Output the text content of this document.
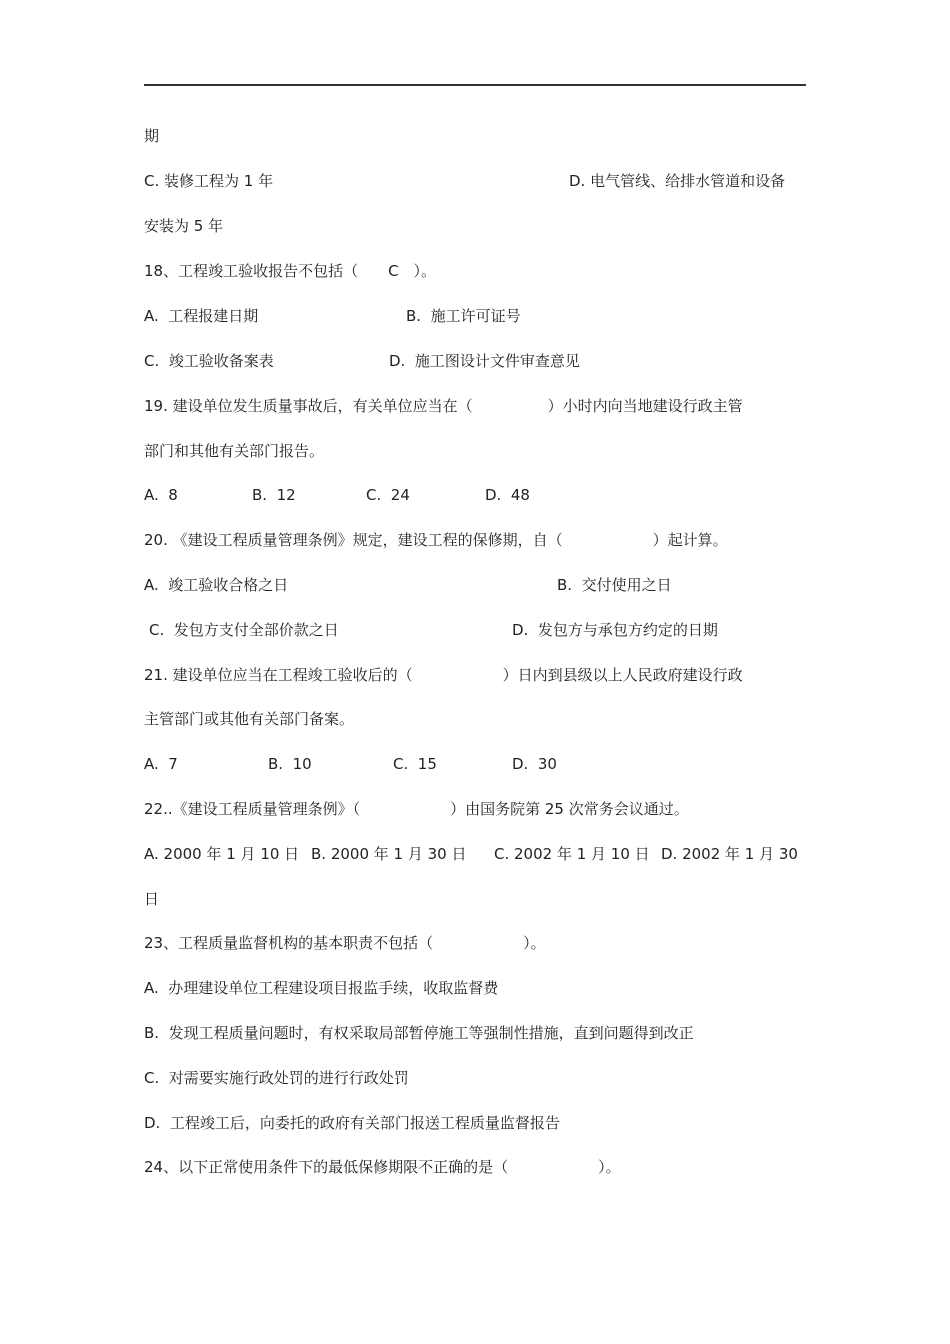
期
C. 装修工程为 1 年	D. 电气管线、给排水管道和设备
安装为 5 年
18、工程竣工验收报告不包括（　　C　）。
A.  工程报建日期	B.  施工许可证号
C.  竣工验收备案表	D.  施工图设计文件审查意见
19. 建设单位发生质量事故后，有关单位应当在（　　　　　）小时内向当地建设行政主管
部门和其他有关部门报告。
A.  8	B.  12	C.  24	D.  48
20. 《建设工程质量管理条例》规定，建设工程的保修期，自（　　　　　　）起计算。
A.  竣工验收合格之日	B.  交付使用之日
C.  发包方支付全部价款之日	D.  发包方与承包方约定的日期
21. 建设单位应当在工程竣工验收后的（　　　　　　）日内到县级以上人民政府建设行政
主管部门或其他有关部门备案。
A.  7	B.  10	C.  15	D.  30
22..《建设工程质量管理条例》（　　　　　　）由国务院第 25 次常务会议通过。
A. 2000 年 1 月 10 日 B. 2000 年 1 月 30 日 C. 2002 年 1 月 10 日 D. 2002 年 1 月 30
日
23、工程质量监督机构的基本职责不包括（　　　　　　）。
A.  办理建设单位工程建设项目报监手续，收取监督费
B.  发现工程质量问题时，有权采取局部暂停施工等强制性措施，直到问题得到改正
C.  对需要实施行政处罚的进行行政处罚
D.  工程竣工后，向委托的政府有关部门报送工程质量监督报告
24、以下正常使用条件下的最低保修期限不正确的是（　　　　　　）。
